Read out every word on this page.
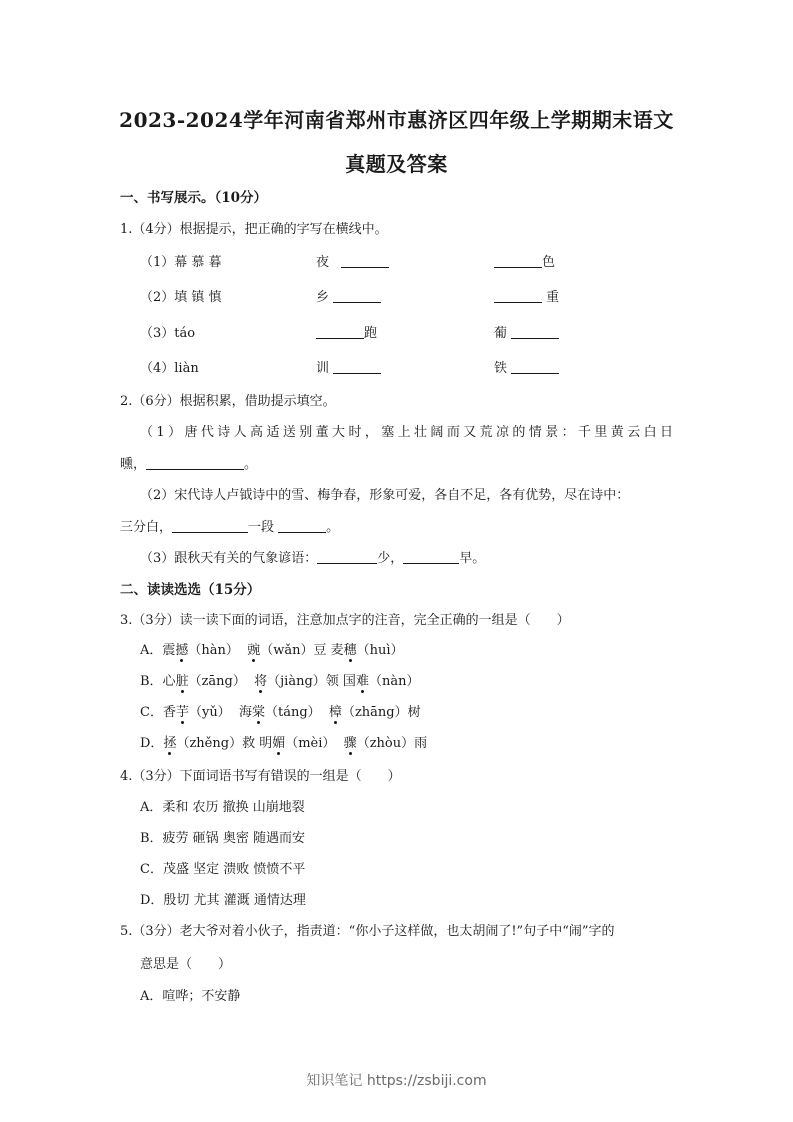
2023-2024学年河南省郑州市惠济区四年级上学期期末语文
真题及答案
一、书写展示。（10分）
1.（4分）根据提示，把正确的字写在横线中。
（1）幕 慕 暮	夜	色
（2）填 镇 慎	乡	重
（3）táo	跑	葡
（4）liàn	训	铁
2.（6分）根据积累，借助提示填空。
（1）唐代诗人高适送别董大时，塞上壮阔而又荒凉的情景：千里黄云白日
曛，	。
（2）宋代诗人卢钺诗中的雪、梅争春，形象可爱，各自不足，各有优势，尽在诗中：
三分白，	一段	。
（3）跟秋天有关的气象谚语：	少，	早。
二、读读选选（15分）
3.（3分）读一读下面的词语，注意加点字的注音，完全正确的一组是（　　）
A．震撼（hàn） 豌（wǎn）豆 麦穗（huì）
B．心脏（zāng） 将（jiàng）领 国难（nàn）
C．香芋（yǔ） 海棠（táng） 樟（zhāng）树
D．拯（zhěng）救 明媚（mèi） 骤（zhòu）雨
4.（3分）下面词语书写有错误的一组是（　　）
A．柔和 农历 撤换 山崩地裂
B．疲劳 砸锅 奥密 随遇而安
C．茂盛 坚定 溃败 愤愤不平
D．殷切 尤其 灌溉 通情达理
5.（3分）老大爷对着小伙子，指责道：“你小子这样做，也太胡闹了!”句子中“闹”字的
意思是（　　）
A．喧哗；不安静
知识笔记 https://zsbiji.com
